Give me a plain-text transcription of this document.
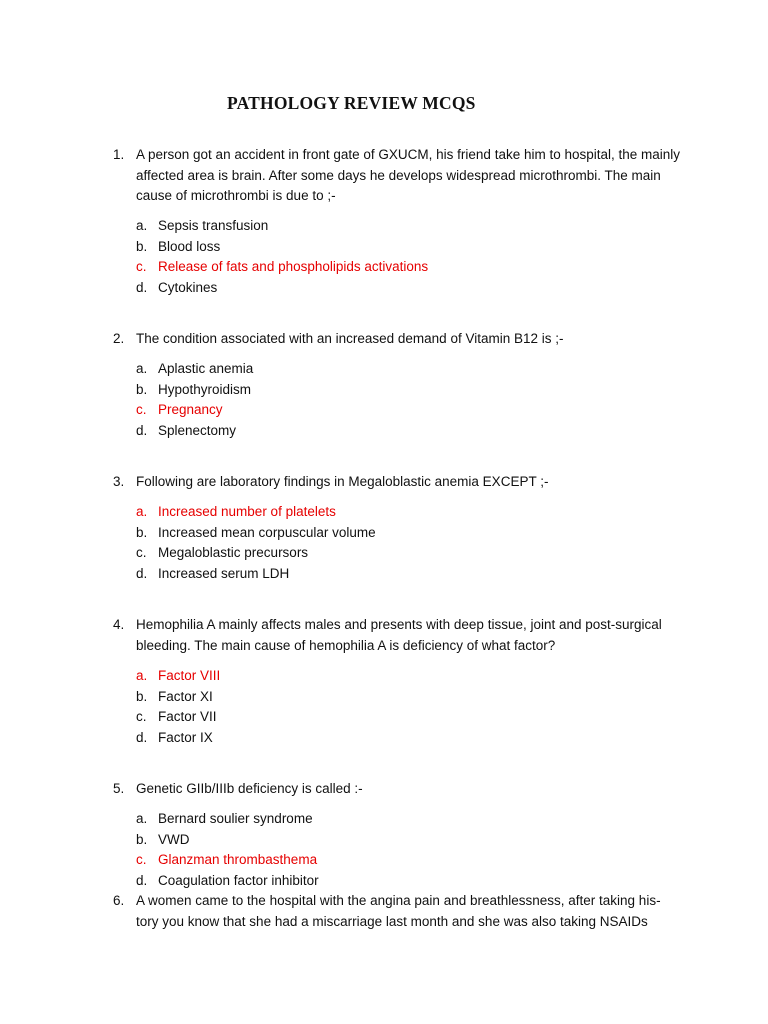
PATHOLOGY REVIEW MCQS
1. A person got an accident in front gate of GXUCM, his friend take him to hospital, the mainly affected area is brain. After some days he develops widespread microthrombi. The main cause of microthrombi is due to ;-
a. Sepsis transfusion
b. Blood loss
c. Release of fats and phospholipids activations
d. Cytokines
2. The condition associated with an increased demand of Vitamin B12 is ;-
a. Aplastic anemia
b. Hypothyroidism
c. Pregnancy
d. Splenectomy
3. Following are laboratory findings in Megaloblastic anemia EXCEPT ;-
a. Increased number of platelets
b. Increased mean corpuscular volume
c. Megaloblastic precursors
d. Increased serum LDH
4. Hemophilia A mainly affects males and presents with deep tissue, joint and post-surgical bleeding. The main cause of hemophilia A is deficiency of what factor?
a. Factor VIII
b. Factor XI
c. Factor VII
d. Factor IX
5. Genetic GIIb/IIIb deficiency is called :-
a. Bernard soulier syndrome
b. VWD
c. Glanzman thrombasthema
d. Coagulation factor inhibitor
6. A women came to the hospital with the angina pain and breathlessness, after taking his-tory you know that she had a miscarriage last month and she was also taking NSAIDs
